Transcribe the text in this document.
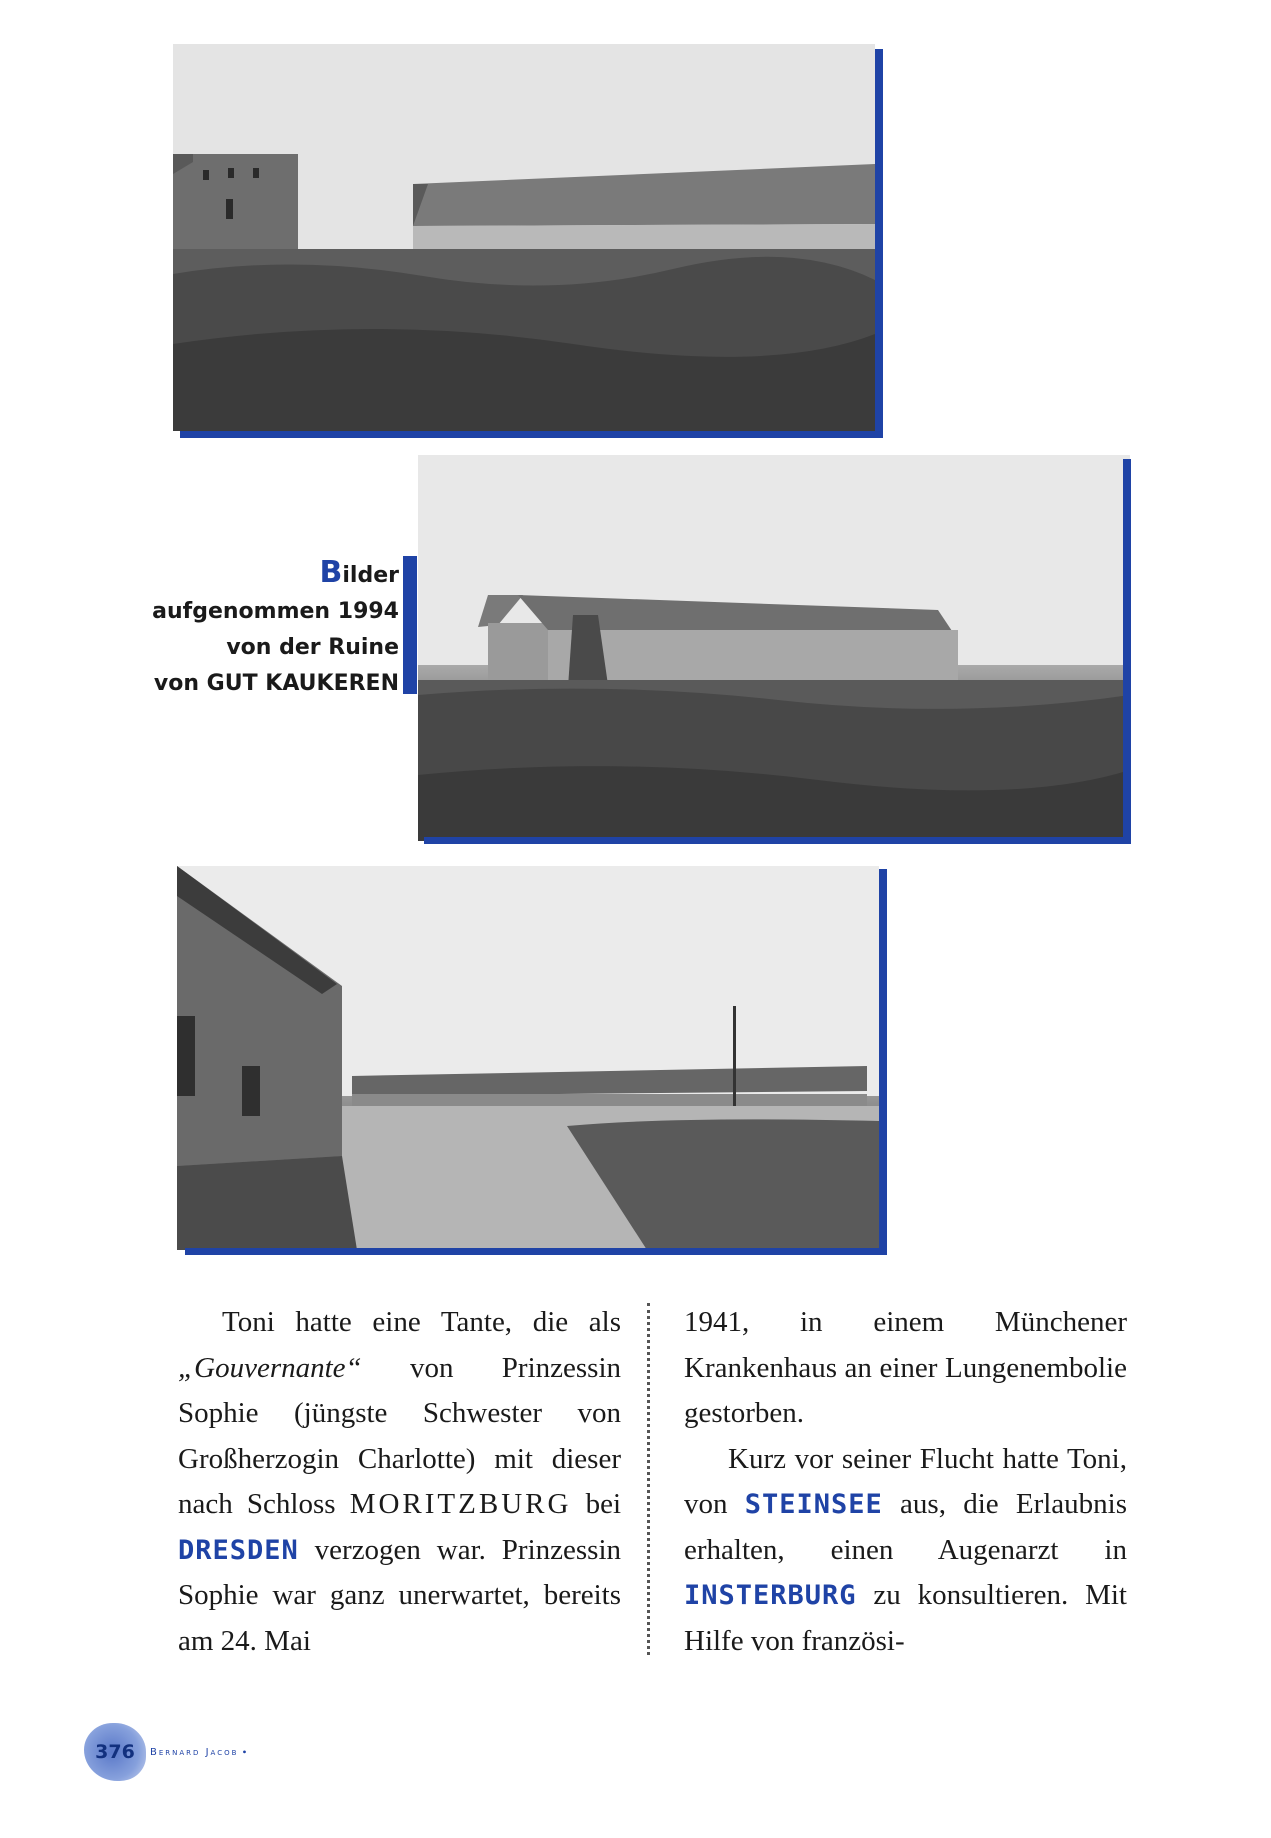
Bilder
aufgenommen 1994
von der Ruine
von GUT KAUKEREN

Toni hatte eine Tante, die als „Gouvernante“ von Prinzessin Sophie (jüngste Schwester von Großherzogin Charlotte) mit dieser nach Schloss MORITZBURG bei DRESDEN verzogen war. Prinzessin Sophie war ganz unerwartet, bereits am 24. Mai

1941, in einem Münchener Krankenhaus an einer Lungenembolie gestorben.

Kurz vor seiner Flucht hatte Toni, von STEINSEE aus, die Erlaubnis erhalten, einen Augenarzt in INSTERBURG zu konsultieren. Mit Hilfe von französi-

376	Bernard Jacob •
